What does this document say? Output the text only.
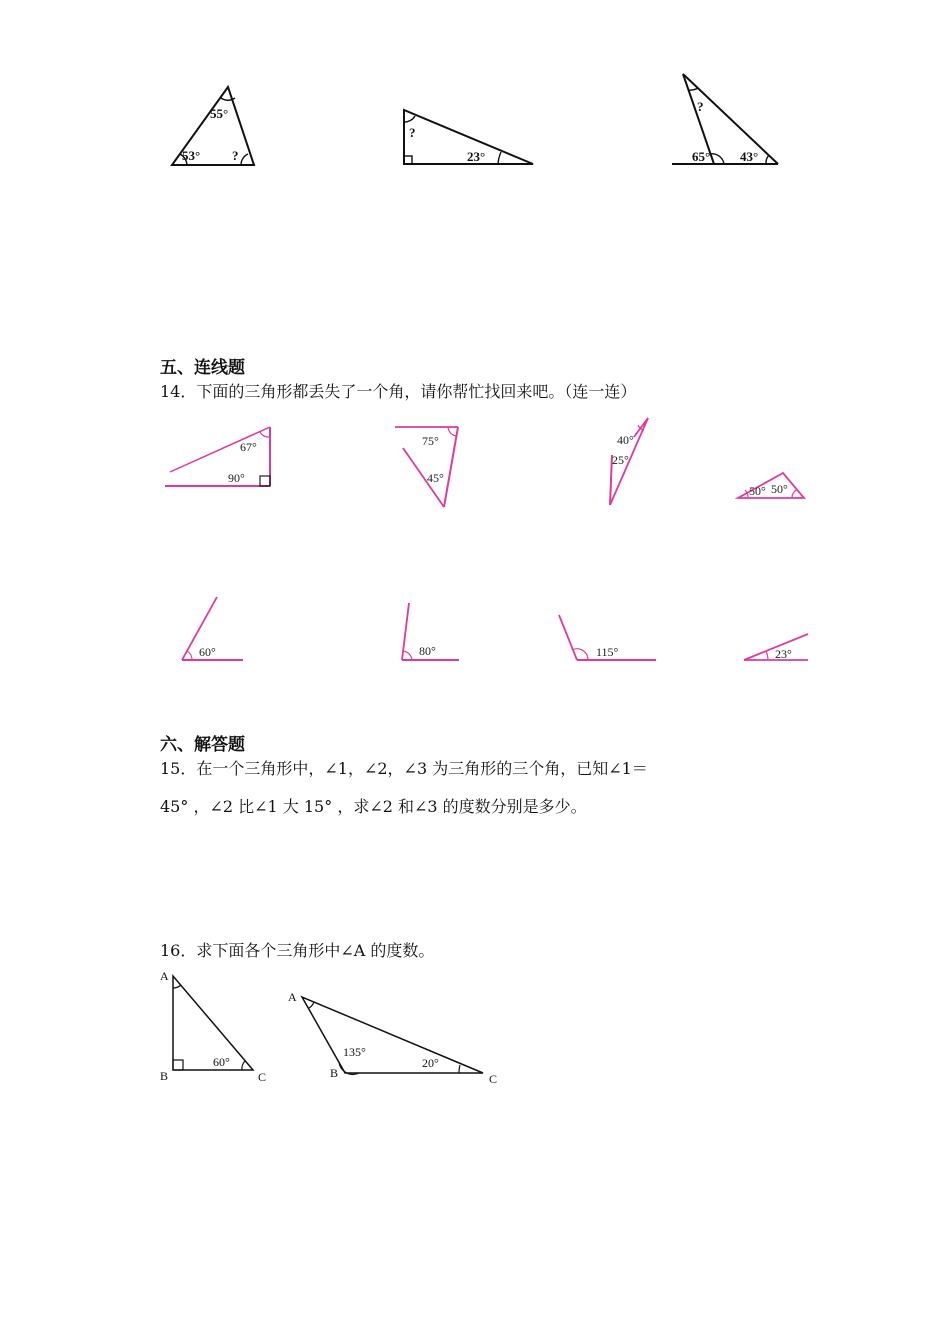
55°
53° ?
?
23°
?
65° 43°
五、连线题
14．下面的三角形都丢失了一个角，请你帮忙找回来吧。（连一连）
67°
90°
75°
45°
40°
25°
50° 50°
60°	80°	115°	23°
六、解答题
15．在一个三角形中，∠1，∠2，∠3 为三角形的三个角，已知∠1＝
45° ，∠2 比∠1 大 15° ，求∠2 和∠3 的度数分别是多少。
16．求下面各个三角形中∠A 的度数。
A
B	C
60°
A
B	C
135°
20°
